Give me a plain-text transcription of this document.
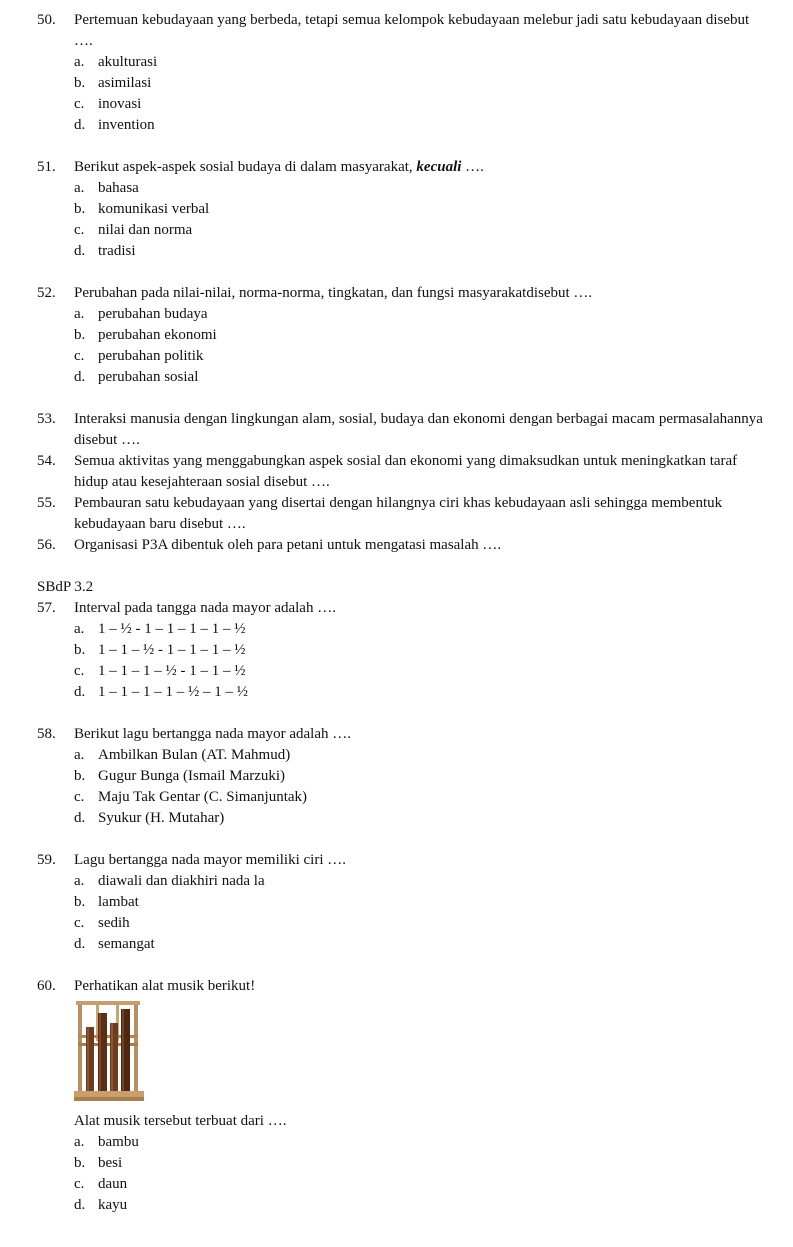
50. Pertemuan kebudayaan yang berbeda, tetapi semua kelompok kebudayaan melebur jadi satu kebudayaan disebut ….
a. akulturasi
b. asimilasi
c. inovasi
d. invention
51. Berikut aspek-aspek sosial budaya di dalam masyarakat, kecuali ….
a. bahasa
b. komunikasi verbal
c. nilai dan norma
d. tradisi
52. Perubahan pada nilai-nilai, norma-norma, tingkatan, dan fungsi masyarakatdisebut ….
a. perubahan budaya
b. perubahan ekonomi
c. perubahan politik
d. perubahan sosial
53. Interaksi manusia dengan lingkungan alam, sosial, budaya dan ekonomi dengan berbagai macam permasalahannya disebut ….
54. Semua aktivitas yang menggabungkan aspek sosial dan ekonomi yang dimaksudkan untuk meningkatkan taraf hidup atau kesejahteraan sosial disebut ….
55. Pembauran satu kebudayaan yang disertai dengan hilangnya ciri khas kebudayaan asli sehingga membentuk kebudayaan baru disebut ….
56. Organisasi P3A dibentuk oleh para petani untuk mengatasi masalah ….
SBdP 3.2
57. Interval pada tangga nada mayor adalah ….
a. 1 – ½ - 1 – 1 – 1 – 1 – ½
b. 1 – 1 – ½ - 1 – 1 – 1 – ½
c. 1 – 1 – 1 – ½ - 1 – 1 – ½
d. 1 – 1 – 1 – 1 – ½ – 1 – ½
58. Berikut lagu bertangga nada mayor adalah ….
a. Ambilkan Bulan (AT. Mahmud)
b. Gugur Bunga (Ismail Marzuki)
c. Maju Tak Gentar (C. Simanjuntak)
d. Syukur (H. Mutahar)
59. Lagu bertangga nada mayor memiliki ciri ….
a. diawali dan diakhiri nada la
b. lambat
c. sedih
d. semangat
60. Perhatikan alat musik berikut!
Alat musik tersebut terbuat dari ….
a. bambu
b. besi
c. daun
d. kayu
